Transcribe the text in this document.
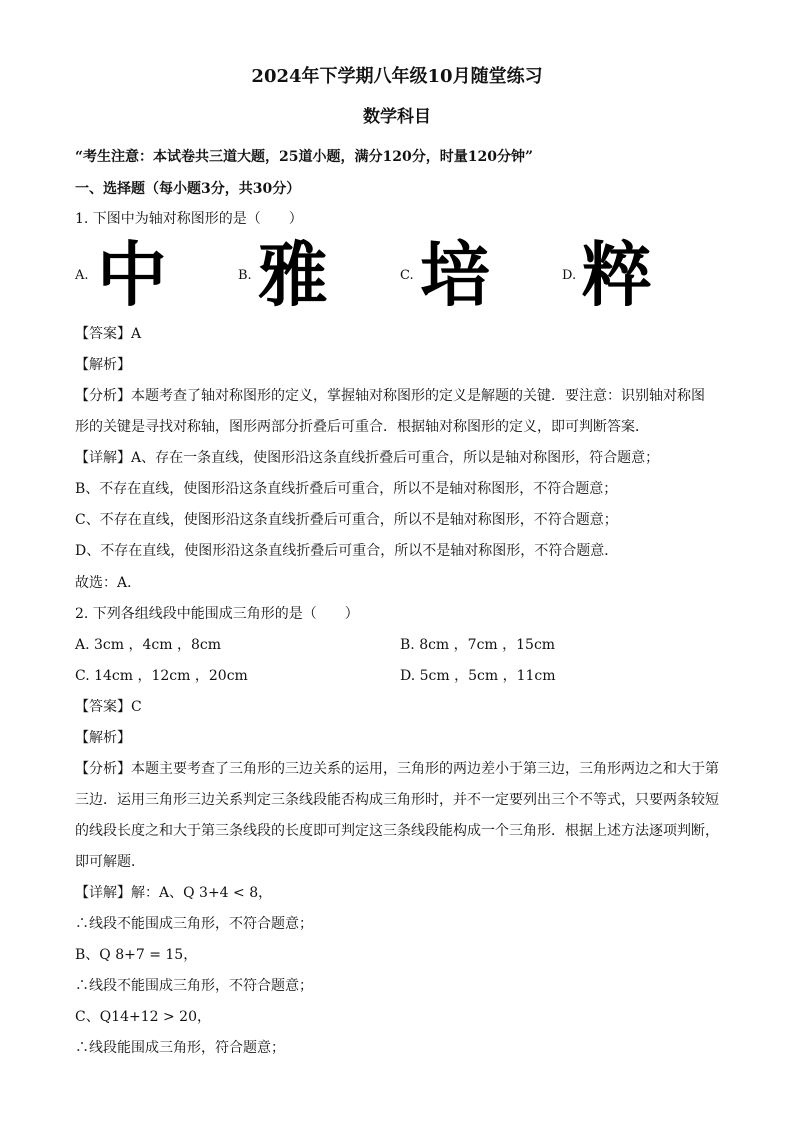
2024年下学期八年级10月随堂练习
数学科目
“考生注意：本试卷共三道大题，25道小题，满分120分，时量120分钟”
一、选择题（每小题3分，共30分）
1. 下图中为轴对称图形的是（　　）
A. 中	B. 雅	C. 培	D. 粹
【答案】A
【解析】
【分析】本题考查了轴对称图形的定义，掌握轴对称图形的定义是解题的关键．要注意：识别轴对称图
形的关键是寻找对称轴，图形两部分折叠后可重合．根据轴对称图形的定义，即可判断答案．
【详解】A、存在一条直线，使图形沿这条直线折叠后可重合，所以是轴对称图形，符合题意；
B、不存在直线，使图形沿这条直线折叠后可重合，所以不是轴对称图形，不符合题意；
C、不存在直线，使图形沿这条直线折叠后可重合，所以不是轴对称图形，不符合题意；
D、不存在直线，使图形沿这条直线折叠后可重合，所以不是轴对称图形，不符合题意．
故选：A．
2. 下列各组线段中能围成三角形的是（　　）
A. 3cm ，4cm ，8cm	B. 8cm ，7cm ，15cm
C. 14cm ，12cm ，20cm	D. 5cm ，5cm ，11cm
【答案】C
【解析】
【分析】本题主要考查了三角形的三边关系的运用，三角形的两边差小于第三边，三角形两边之和大于第
三边．运用三角形三边关系判定三条线段能否构成三角形时，并不一定要列出三个不等式，只要两条较短
的线段长度之和大于第三条线段的长度即可判定这三条线段能构成一个三角形．根据上述方法逐项判断，
即可解题．
【详解】解：A、Q 3+4 < 8，
∴线段不能围成三角形，不符合题意；
B、Q 8+7 = 15，
∴线段不能围成三角形，不符合题意；
C、Q14+12 > 20，
∴线段能围成三角形，符合题意；
